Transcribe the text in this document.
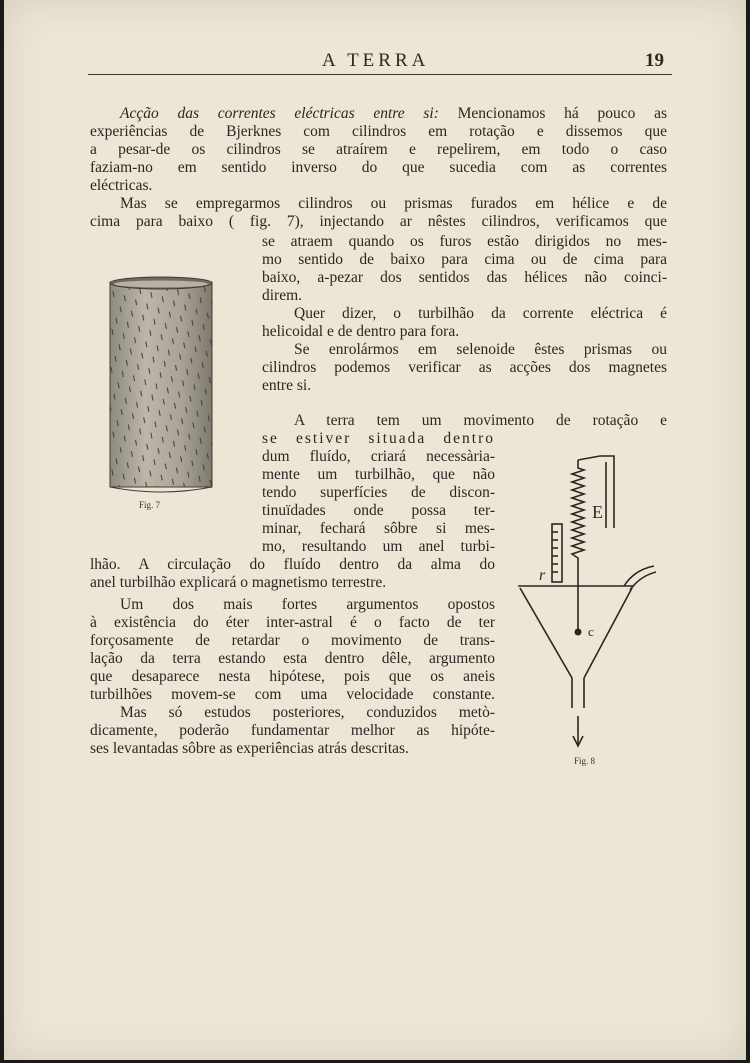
A TERRA	19
Acção das correntes eléctricas entre si: Mencionamos há pouco as
experiências de Bjerknes com cilindros em rotação e dissemos que
a pesar-de os cilindros se atraírem e repelirem, em todo o caso
faziam-no em sentido inverso do que sucedia com as correntes
eléctricas.
Mas se empregarmos cilindros ou prismas furados em hélice e de
cima para baixo ( fig. 7), injectando ar nêstes cilindros, verificamos que
se atraem quando os furos estão dirigidos no mes-
mo sentido de baixo para cima ou de cima para
baixo, a-pezar dos sentidos das hélices não coinci-
direm.
Quer dizer, o turbilhão da corrente eléctrica é
helicoidal e de dentro para fora.
Se enrolármos em selenoide êstes prismas ou
cilindros podemos verificar as acções dos magnetes
entre si.
A terra tem um movimento de rotação e
se estiver situada dentro
dum fluído, criará necessària-
mente um turbilhão, que não
tendo superfícies de discon-
tinuïdades onde possa ter-
minar, fechará sôbre si mes-
mo, resultando um anel turbi-
lhão. A circulação do fluído dentro da alma do
anel turbilhão explicará o magnetismo terrestre.
Um dos mais fortes argumentos opostos
à existência do éter inter-astral é o facto de ter
forçosamente de retardar o movimento de trans-
lação da terra estando esta dentro dêle, argumento
que desaparece nesta hipótese, pois que os aneis
turbilhões movem-se com uma velocidade constante.
Mas só estudos posteriores, conduzidos metò-
dicamente, poderão fundamentar melhor as hipóte-
ses levantadas sôbre as experiências atrás descritas.
Fig. 7	E
r
c
Fig. 8
